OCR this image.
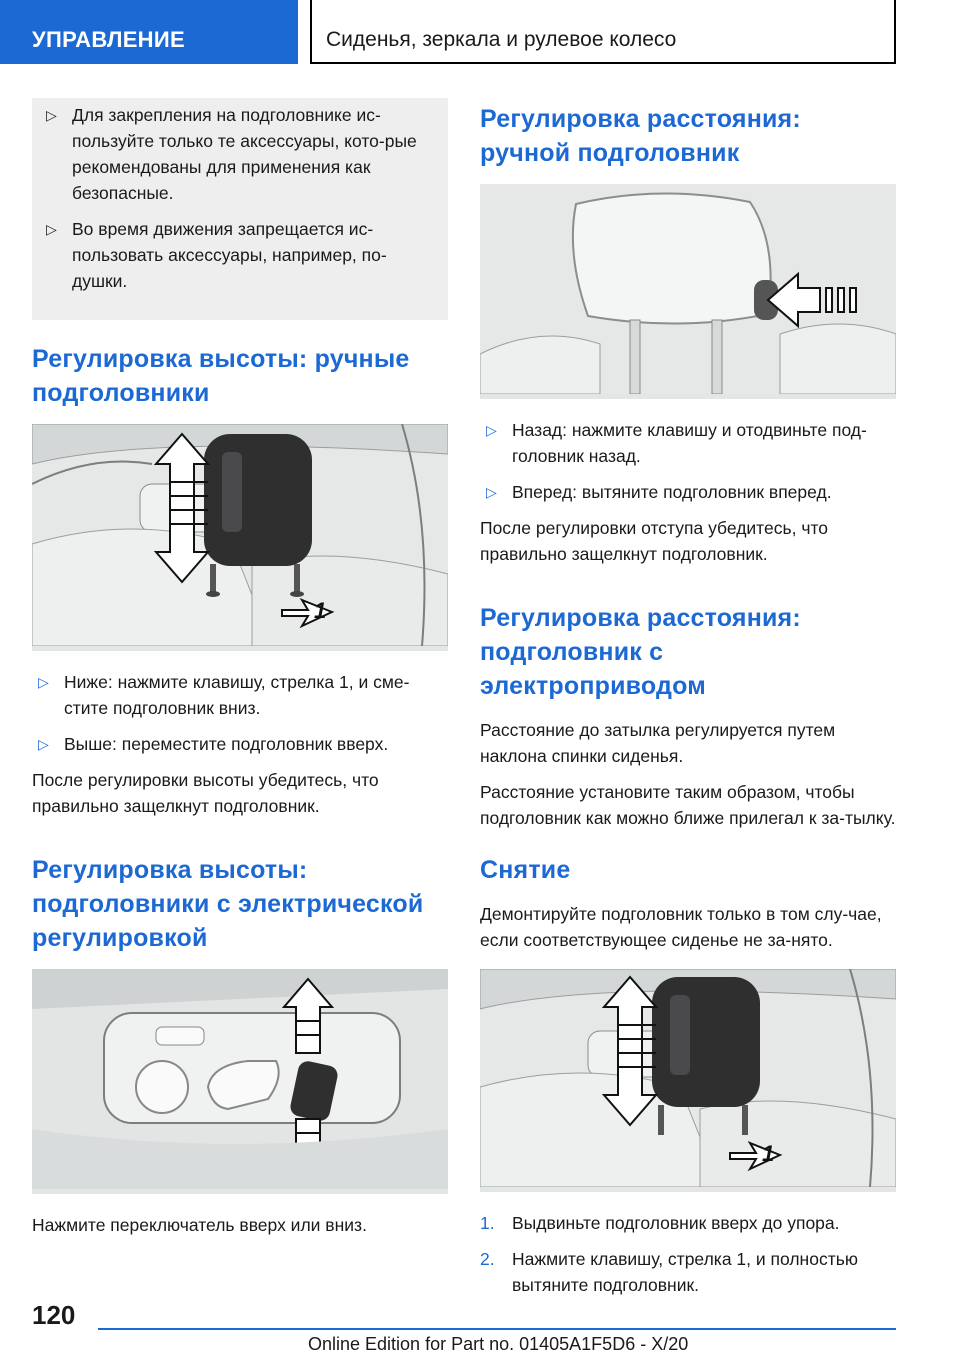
УПРАВЛЕНИЕ	Сиденья, зеркала и рулевое колесо
▷ Для закрепления на подголовнике ис-пользуйте только те аксессуары, кото-рые рекомендованы для применения как безопасные.
▷ Во время движения запрещается ис-пользовать аксессуары, например, по-душки.
Регулировка высоты: ручные подголовники
1
▷ Ниже: нажмите клавишу, стрелка 1, и сме-стите подголовник вниз.
▷ Выше: переместите подголовник вверх.

После регулировки высоты убедитесь, что правильно защелкнут подголовник.

Регулировка высоты: подголовники с электрической регулировкой

Нажмите переключатель вверх или вниз.

Регулировка расстояния: ручной подголовник
▷ Назад: нажмите клавишу и отодвиньте под-головник назад.
▷ Вперед: вытяните подголовник вперед.

После регулировки отступа убедитесь, что правильно защелкнут подголовник.

Регулировка расстояния: подголовник с электроприводом

Расстояние до затылка регулируется путем наклона спинки сиденья.

Расстояние установите таким образом, чтобы подголовник как можно ближе прилегал к за-тылку.

Снятие

Демонтируйте подголовник только в том слу-чае, если соответствующее сиденье не за-нято.

1
1. Выдвиньте подголовник вверх до упора.
2. Нажмите клавишу, стрелка 1, и полностью вытяните подголовник.
120
Online Edition for Part no. 01405A1F5D6 - X/20
